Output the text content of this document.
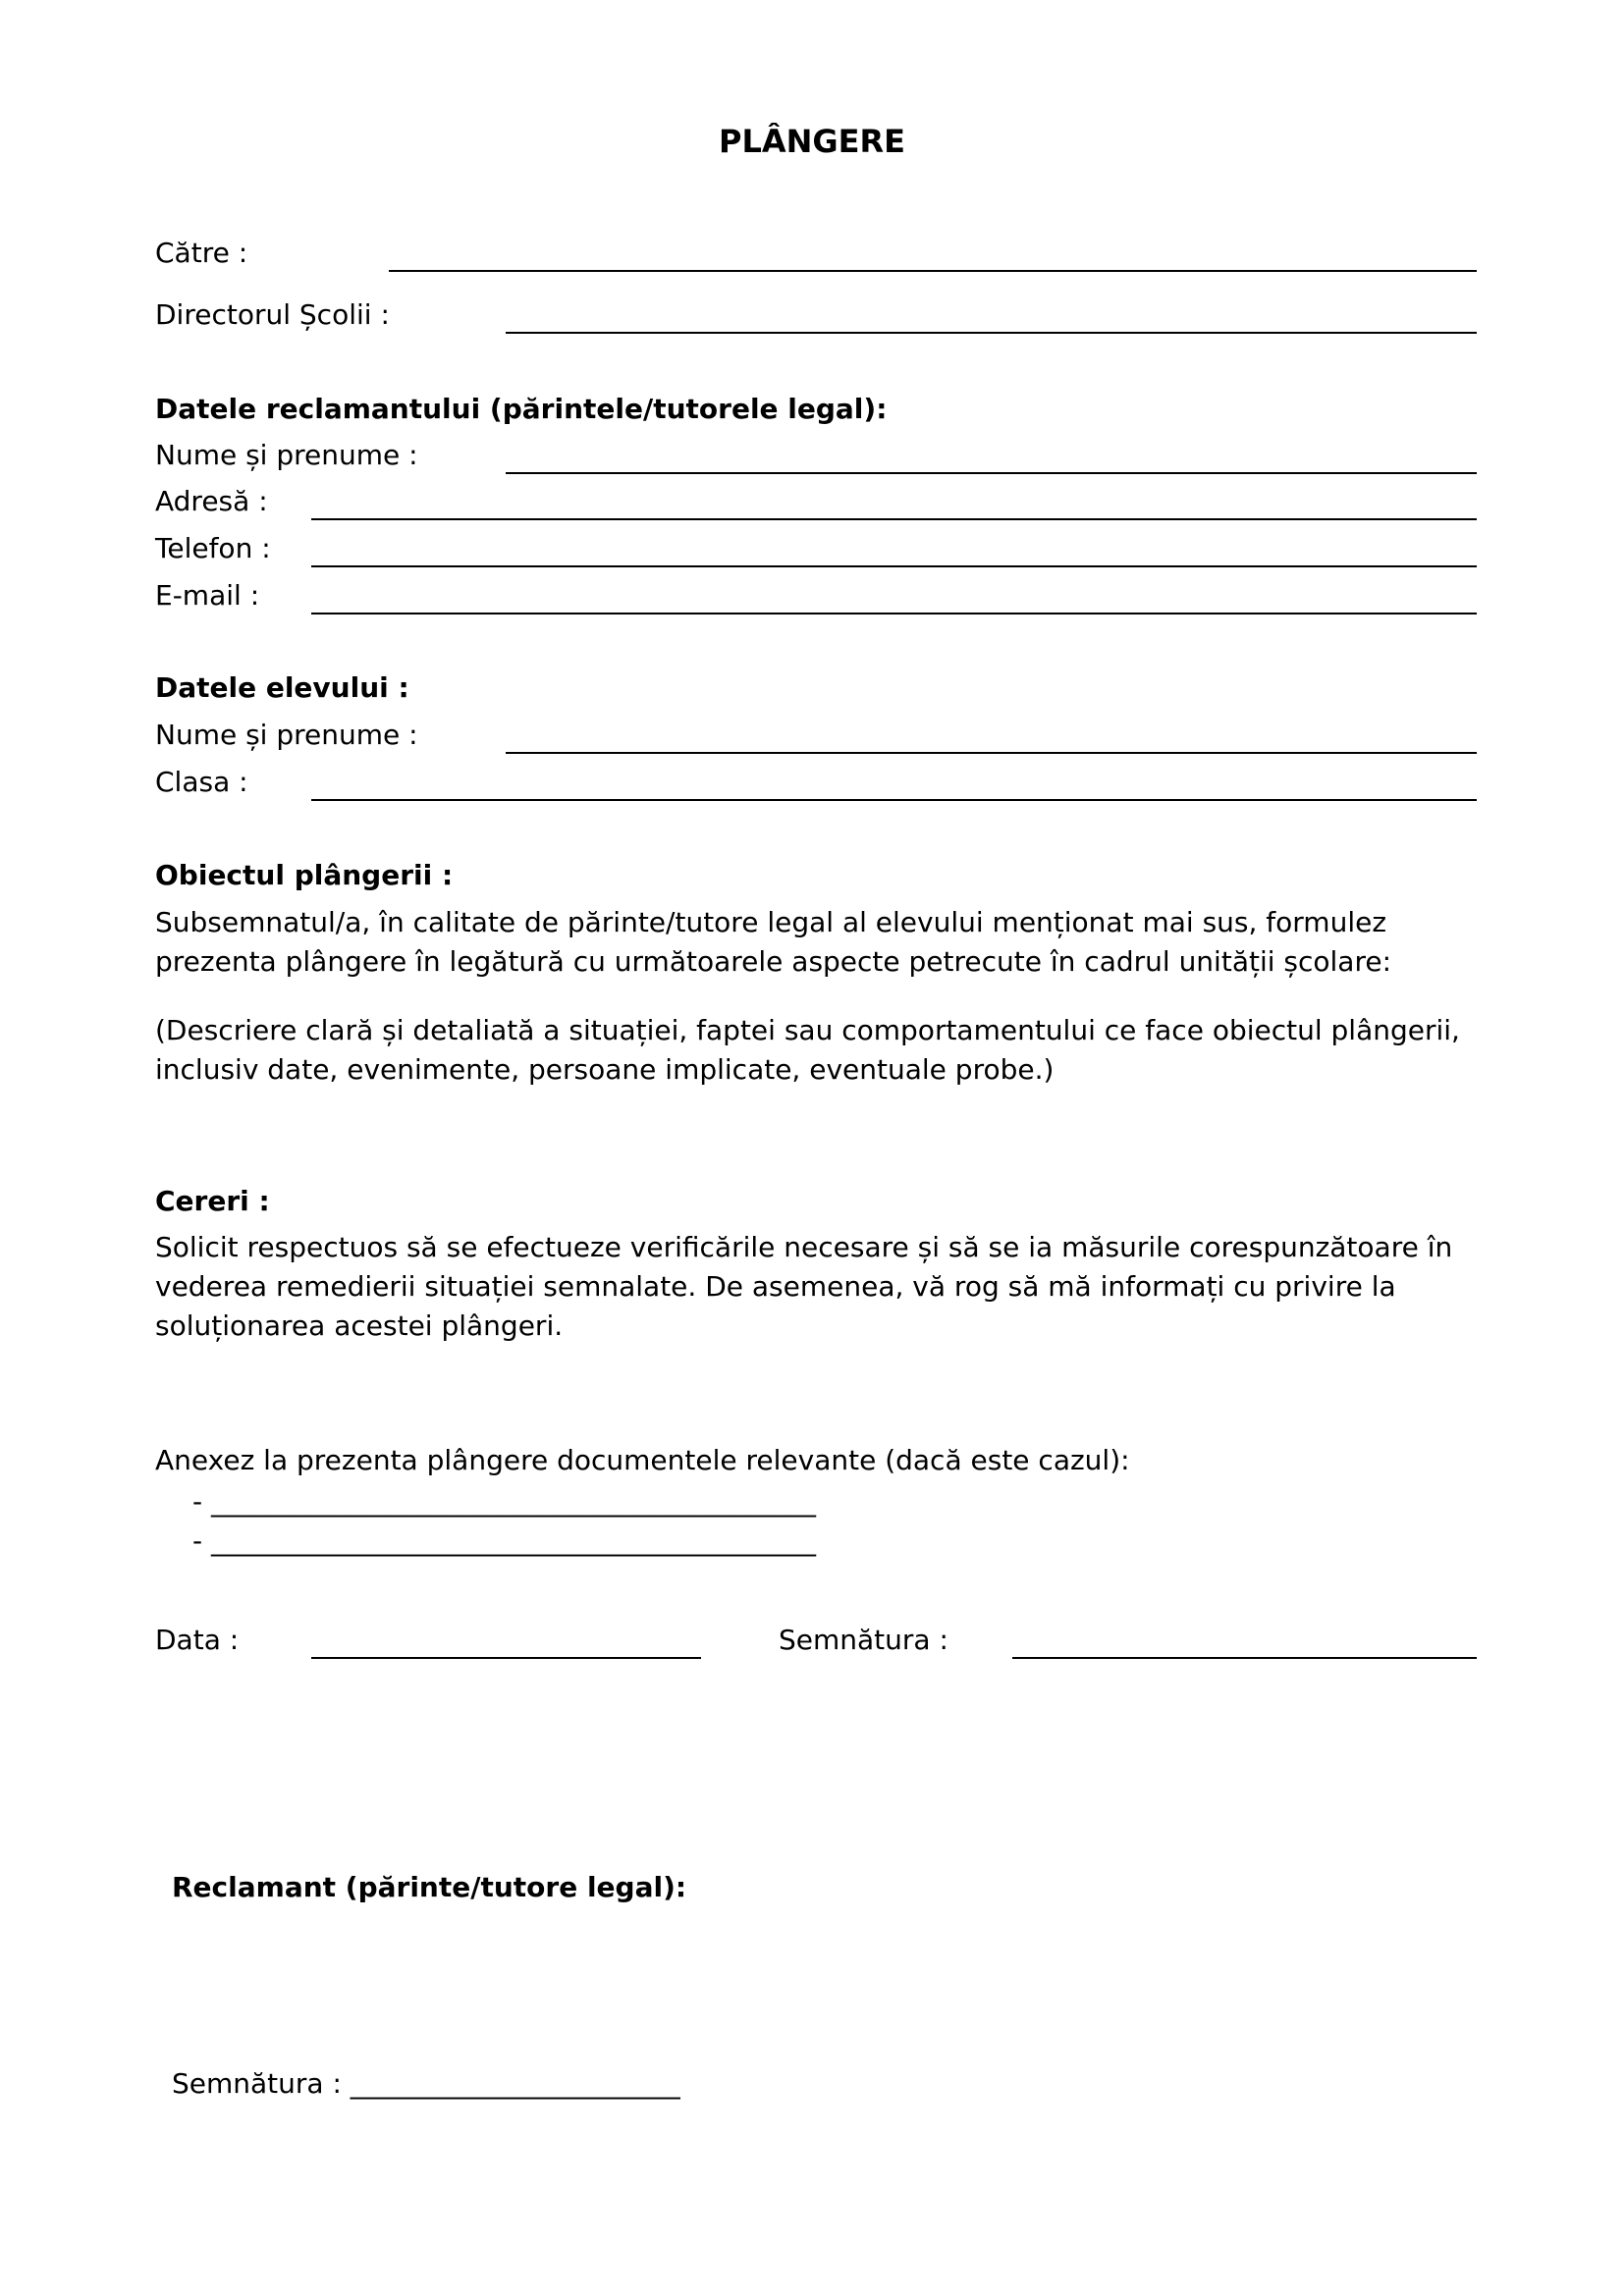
PLÂNGERE
Către :
Directorul Școlii :
Datele reclamantului (părintele/tutorele legal):
Nume și prenume :
Adresă :
Telefon :
E-mail :
Datele elevului :
Nume și prenume :
Clasa :
Obiectul plângerii :
Subsemnatul/a, în calitate de părinte/tutore legal al elevului menționat mai sus, formulez
prezenta plângere în legătură cu următoarele aspecte petrecute în cadrul unității școlare:
(Descriere clară și detaliată a situației, faptei sau comportamentului ce face obiectul plângerii,
inclusiv date, evenimente, persoane implicate, eventuale probe.)
Cereri :
Solicit respectuos să se efectueze verificările necesare și să se ia măsurile corespunzătoare în
vederea remedierii situației semnalate. De asemenea, vă rog să mă informați cu privire la
soluționarea acestei plângeri.
Anexez la prezenta plângere documentele relevante (dacă este cazul):
- ____________________________________________
- ____________________________________________
Data :	Semnătura :
Reclamant (părinte/tutore legal):
Semnătura : ________________________
